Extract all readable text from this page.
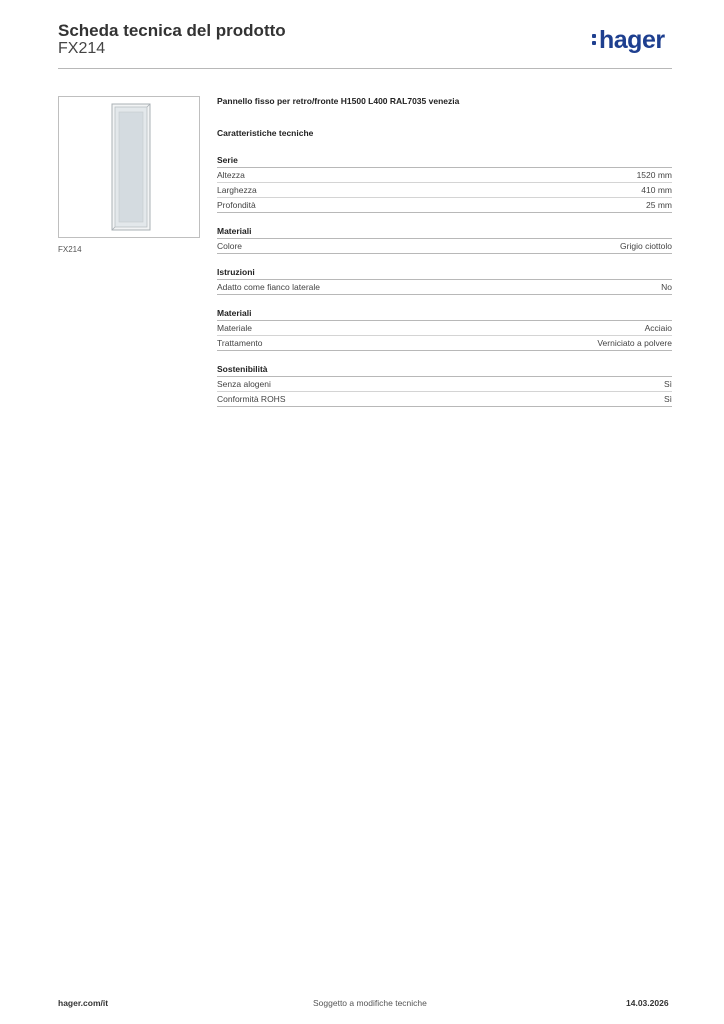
Scheda tecnica del prodotto
FX214	hager
FX214
Pannello fisso per retro/fronte H1500 L400 RAL7035 venezia
Caratteristiche tecniche
Serie
Altezza	1520 mm
Larghezza	410 mm
Profondità	25 mm
Materiali
Colore	Grigio ciottolo
Istruzioni
Adatto come fianco laterale	No
Materiali
Materiale	Acciaio
Trattamento	Verniciato a polvere
Sostenibilità
Senza alogeni	Sì
Conformità ROHS	Sì
hager.com/it	Soggetto a modifiche tecniche	14.03.2026
